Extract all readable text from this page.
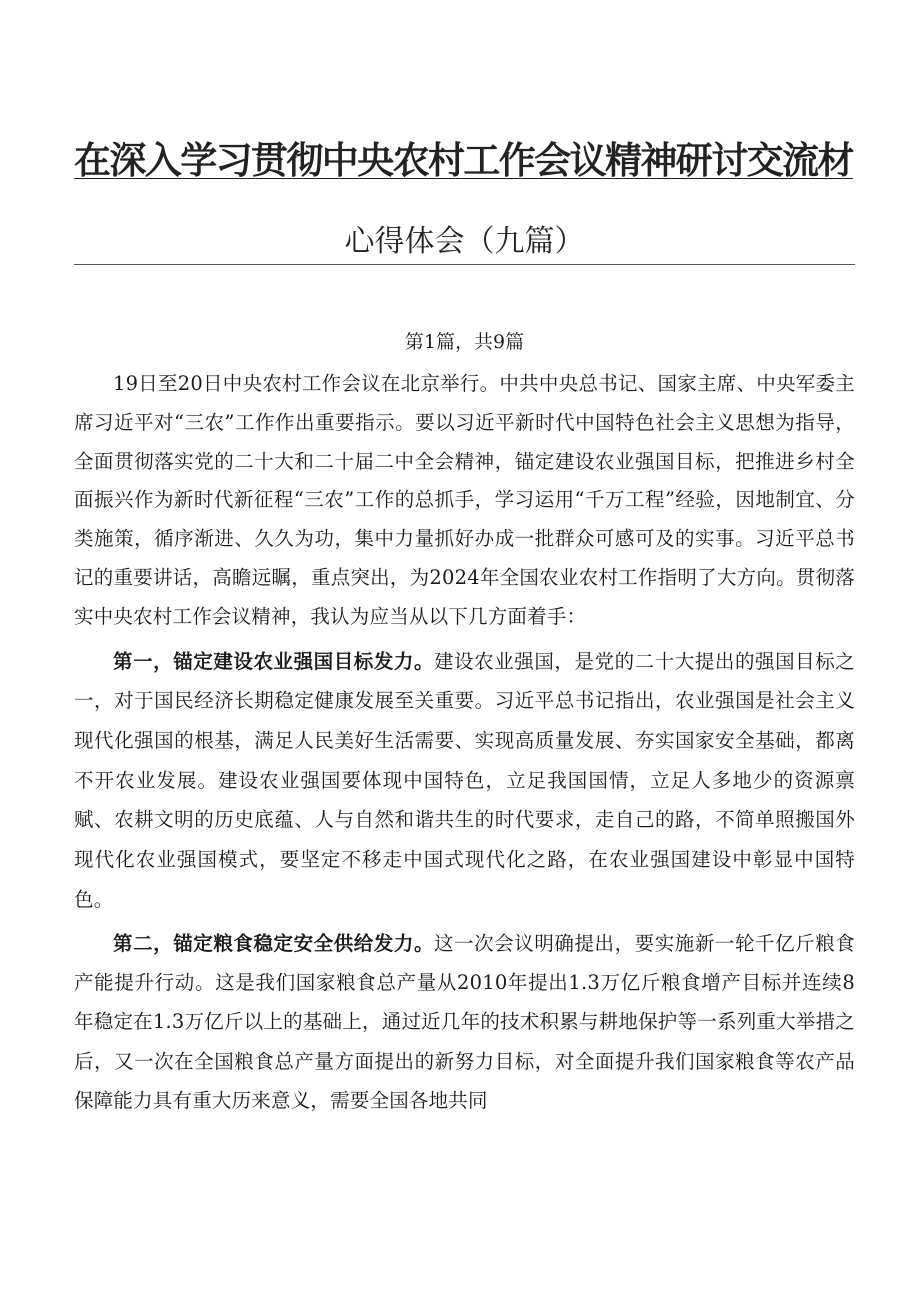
在深入学习贯彻中央农村工作会议精神研讨交流材
心得体会（九篇）
第1篇，共9篇

19日至20日中央农村工作会议在北京举行。中共中央总书记、国家主席、中央军委主席习近平对“三农”工作作出重要指示。要以习近平新时代中国特色社会主义思想为指导，全面贯彻落实党的二十大和二十届二中全会精神，锚定建设农业强国目标，把推进乡村全面振兴作为新时代新征程“三农”工作的总抓手，学习运用“千万工程”经验，因地制宜、分类施策，循序渐进、久久为功，集中力量抓好办成一批群众可感可及的实事。习近平总书记的重要讲话，高瞻远瞩，重点突出，为2024年全国农业农村工作指明了大方向。贯彻落实中央农村工作会议精神，我认为应当从以下几方面着手：

第一，锚定建设农业强国目标发力。建设农业强国，是党的二十大提出的强国目标之一，对于国民经济长期稳定健康发展至关重要。习近平总书记指出，农业强国是社会主义现代化强国的根基，满足人民美好生活需要、实现高质量发展、夯实国家安全基础，都离不开农业发展。建设农业强国要体现中国特色，立足我国国情，立足人多地少的资源禀赋、农耕文明的历史底蕴、人与自然和谐共生的时代要求，走自己的路，不简单照搬国外现代化农业强国模式，要坚定不移走中国式现代化之路，在农业强国建设中彰显中国特色。

第二，锚定粮食稳定安全供给发力。这一次会议明确提出，要实施新一轮千亿斤粮食产能提升行动。这是我们国家粮食总产量从2010年提出1.3万亿斤粮食增产目标并连续8年稳定在1.3万亿斤以上的基础上，通过近几年的技术积累与耕地保护等一系列重大举措之后，又一次在全国粮食总产量方面提出的新努力目标，对全面提升我们国家粮食等农产品保障能力具有重大历来意义，需要全国各地共同
